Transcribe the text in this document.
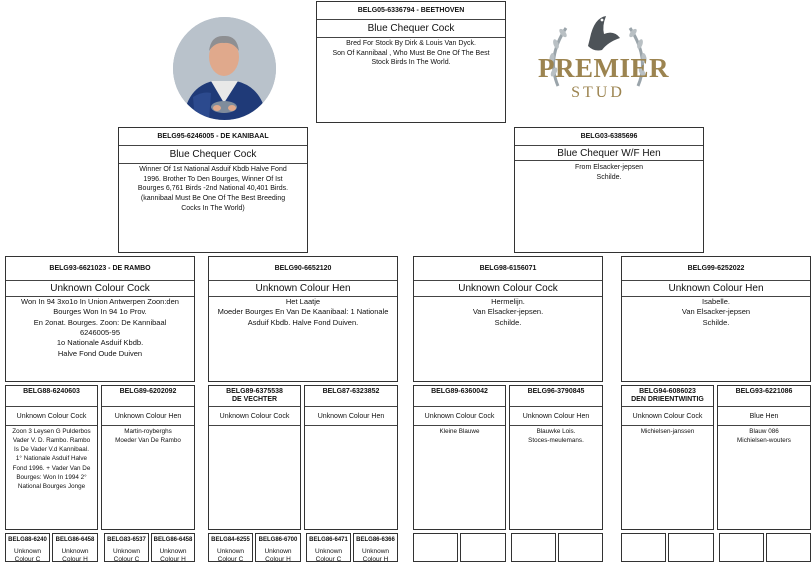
PREMIER
STUD
BELG05-6336794 - BEETHOVEN
Blue Chequer Cock
Bred For Stock By Dirk & Louis Van Dyck.
Son Of Kannibaal , Who Must Be One Of The Best
Stock Birds In The World.
BELG95-6246005 - DE KANIBAAL
Blue Chequer Cock
Winner Of 1st National Asduif Kbdb Halve Fond
1996. Brother To Den Bourges, Winner Of Ist
Bourges 6,761 Birds -2nd National 40,401 Birds.
(kannibaal Must Be One Of The Best Breeding
Cocks In The World)
BELG03-6385696
Blue Chequer W/F Hen
From Elsacker-jepsen
Schilde.
BELG93-6621023 - DE RAMBO
Unknown Colour Cock
Won In 94 3xo1o In Union Antwerpen Zoon:den
Bourges Won In 94 1o Prov.
En 2onat. Bourges. Zoon: De Kannibaal
6246005-95
1o Nationale Asduif Kbdb.
Halve Fond Oude Duiven
BELG90-6652120
Unknown Colour Hen
Het Laatje
Moeder Bourges En Van De Kaanibaal: 1 Nationale
Asduif Kbdb. Halve Fond Duiven.
BELG98-6156071
Unknown Colour Cock
Hermelijn.
Van Elsacker-jepsen.
Schilde.
BELG99-6252022
Unknown Colour Hen
Isabelle.
Van Elsacker-jepsen
Schilde.
BELG88-6240603
Unknown Colour Cock
Zoon 3 Leysen G Pulderbos
Vader V. D. Rambo. Rambo
Is De Vader V.d Kannibaal.
1° Nationale Asduif Halve
Fond 1996. + Vader Van De
Bourges: Won In 1994 2°
National Bourges Jonge
BELG89-6202092
Unknown Colour Hen
Martin-royberghs
Moeder Van De Rambo
BELG89-6375538
DE VECHTER
Unknown Colour Cock
BELG87-6323852
Unknown Colour Hen
BELG89-6360042
Unknown Colour Cock
Kleine Blauwe
BELG96-3790845
Unknown Colour Hen
Blauwke Lois.
Stoces-meulemans.
BELG94-6086023
DEN DRIEENTWINTIG
Unknown Colour Cock
Michielsen-janssen
BELG93-6221086
Blue Hen
Blauw 086
Michielsen-wouters
BELG88-6240
Unknown
Colour C
BELG86-6458
Unknown
Colour H
BELG83-6537
Unknown
Colour C
BELG86-6458
Unknown
Colour H
BELG84-6255
Unknown
Colour C
BELG86-6700
Unknown
Colour H
BELG86-6471
Unknown
Colour C
BELG86-6366
Unknown
Colour H
